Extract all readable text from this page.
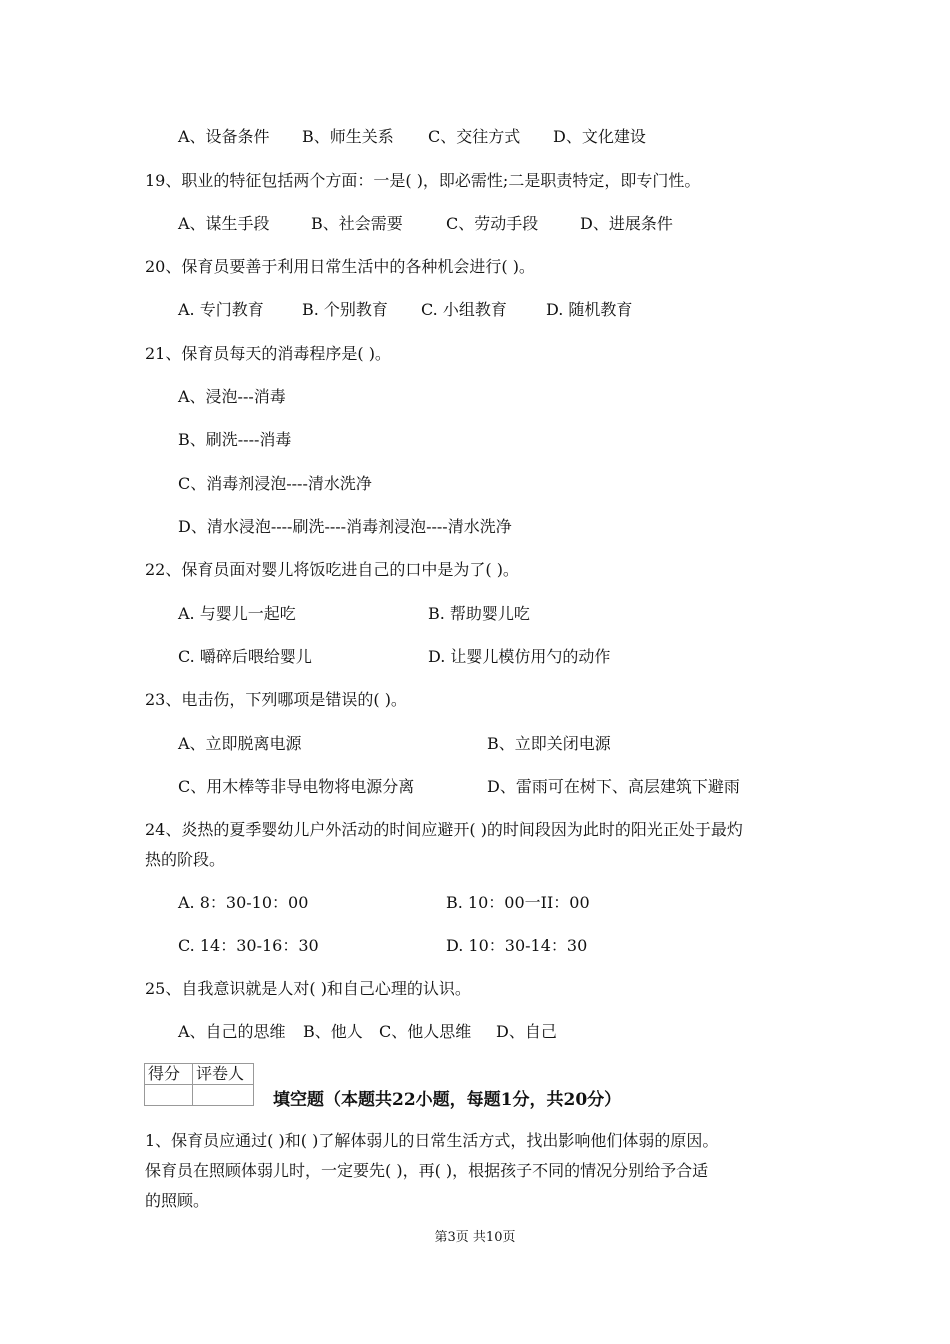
A、设备条件 B、师生关系 C、交往方式 D、文化建设
19、职业的特征包括两个方面：一是( )，即必需性;二是职责特定，即专门性。
A、谋生手段	B、社会需要	C、劳动手段	D、进展条件
20、保育员要善于利用日常生活中的各种机会进行( )。
A. 专门教育 B. 个别教育 C. 小组教育 D. 随机教育
21、保育员每天的消毒程序是( )。
A、浸泡---消毒
B、刷洗----消毒
C、消毒剂浸泡----清水洗净
D、清水浸泡----刷洗----消毒剂浸泡----清水洗净
22、保育员面对婴儿将饭吃进自己的口中是为了( )。
A. 与婴儿一起吃	B. 帮助婴儿吃
C. 嚼碎后喂给婴儿	D. 让婴儿模仿用勺的动作
23、电击伤，下列哪项是错误的( )。
A、立即脱离电源	B、立即关闭电源
C、用木棒等非导电物将电源分离	D、雷雨可在树下、高层建筑下避雨
24、炎热的夏季婴幼儿户外活动的时间应避开( )的时间段因为此时的阳光正处于最灼
热的阶段。
A. 8：30-10：00	B. 10：00一II：00
C. 14：30-16：30	D. 10：30-14：30
25、自我意识就是人对( )和自己心理的认识。
A、自己的思维 B、他人 C、他人思维 D、自己
得分	评卷人

填空题（本题共22小题，每题1分，共20分）
1、保育员应通过( )和( )了解体弱儿的日常生活方式，找出影响他们体弱的原因。
保育员在照顾体弱儿时，一定要先( )，再( )，根据孩子不同的情况分别给予合适
的照顾。
第3页 共10页
